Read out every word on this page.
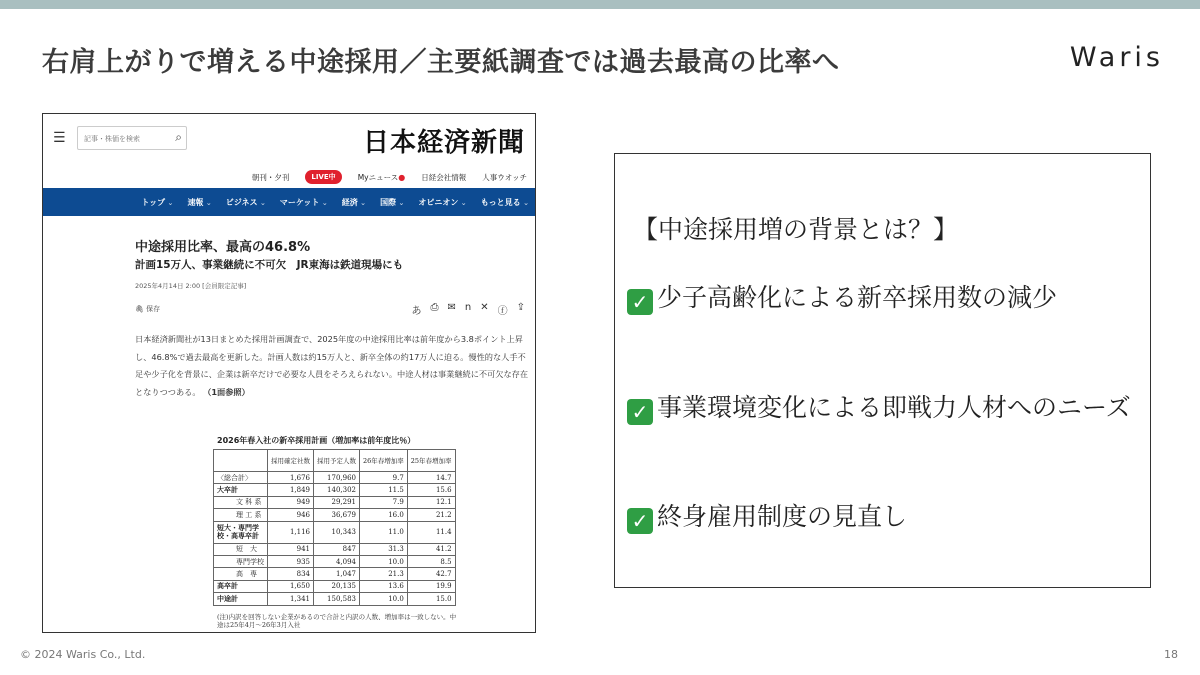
右肩上がりで増える中途採用／主要紙調査では過去最高の比率へ	Waris
☰	記事・株価を検索	⌕	日本経済新聞
朝刊・夕刊	LIVE中	Myニュース● 日経会社情報 人事ウオッチ
トップ ⌄	速報 ⌄	ビジネス ⌄	マーケット ⌄	経済 ⌄	国際 ⌄	オピニオン ⌄	もっと見る ⌄
中途採用比率、最高の46.8%
計画15万人、事業継続に不可欠　JR東海は鉄道現場にも
2025年4月14日 2:00 [会員限定記事]
🖇 保存	あ ⎙ ✉ n ✕ ⓕ ⇪
日本経済新聞社が13日まとめた採用計画調査で、2025年度の中途採用比率は前年度から3.8ポイント上昇し、46.8%で過去最高を更新した。計画人数は約15万人と、新卒全体の約17万人に迫る。慢性的な人手不足や少子化を背景に、企業は新卒だけで必要な人員をそろえられない。中途人材は事業継続に不可欠な存在となりつつある。 （1面参照）
2026年春入社の新卒採用計画（増加率は前年度比％）
	採用確定社数	採用予定人数	26年春増加率	25年春増加率
〈総合計〉	1,676	170,960	9.7	14.7
大卒計	1,849	140,302	11.5	15.6
文 科 系	949	29,291	7.9	12.1
理 工 系	946	36,679	16.0	21.2
短大・専門学校・高専卒計	1,116	10,343	11.0	11.4
短　大	941	847	31.3	41.2
専門学校	935	4,094	10.0	8.5
高　専	834	1,047	21.3	42.7
高卒計	1,650	20,135	13.6	19.9
中途計	1,341	150,583	10.0	15.0
(注)内訳を回答しない企業があるので合計と内訳の人数、増加率は一致しない。中途は25年4月〜26年3月入社
【中途採用増の背景とは？】
✓ 少子高齢化による新卒採用数の減少
✓ 事業環境変化による即戦力人材へのニーズ
✓ 終身雇用制度の見直し
© 2024 Waris Co., Ltd.	18
